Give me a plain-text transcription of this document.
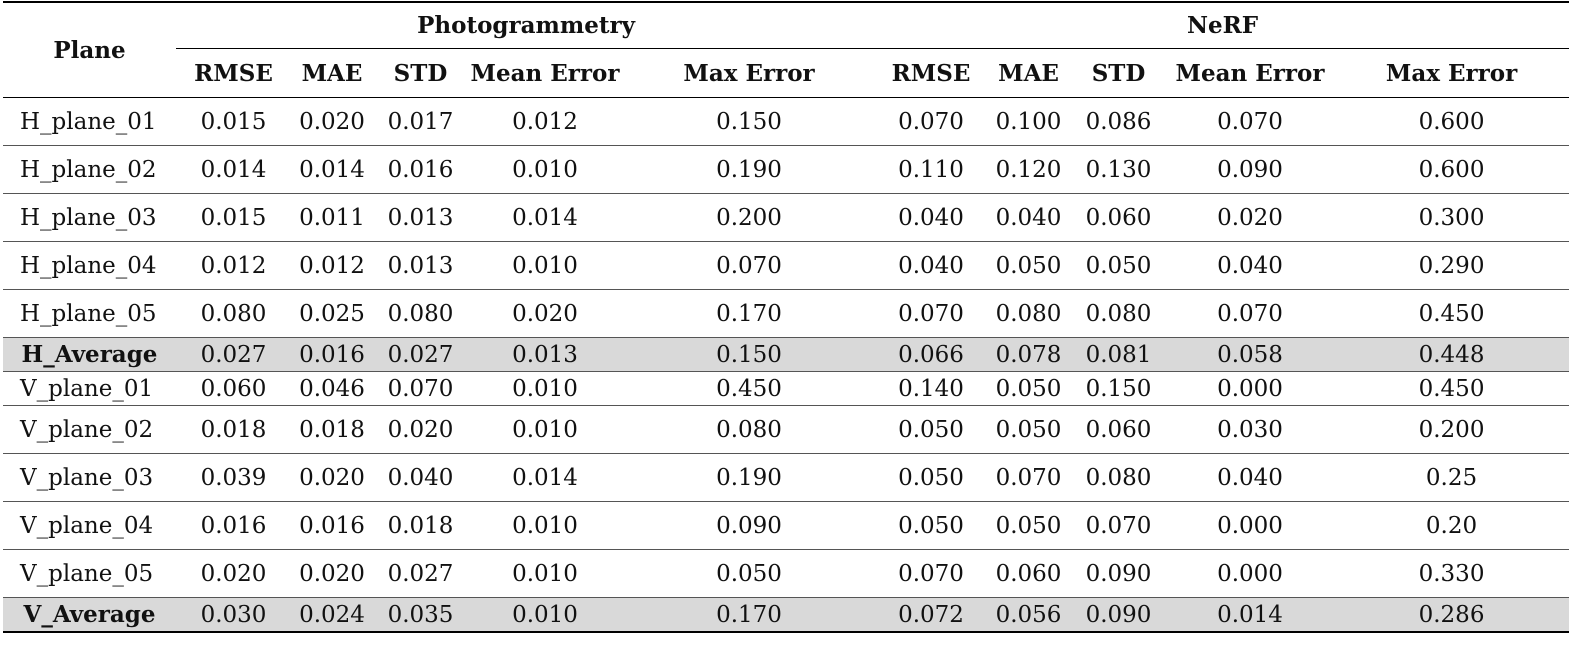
Plane	Photogrammetry					NeRF				
	RMSE	MAE	STD	Mean Error	Max Error	RMSE	MAE	STD	Mean Error	Max Error
H_plane_01	0.015	0.020	0.017	0.012	0.150	0.070	0.100	0.086	0.070	0.600
H_plane_02	0.014	0.014	0.016	0.010	0.190	0.110	0.120	0.130	0.090	0.600
H_plane_03	0.015	0.011	0.013	0.014	0.200	0.040	0.040	0.060	0.020	0.300
H_plane_04	0.012	0.012	0.013	0.010	0.070	0.040	0.050	0.050	0.040	0.290
H_plane_05	0.080	0.025	0.080	0.020	0.170	0.070	0.080	0.080	0.070	0.450
H_Average	0.027	0.016	0.027	0.013	0.150	0.066	0.078	0.081	0.058	0.448
V_plane_01	0.060	0.046	0.070	0.010	0.450	0.140	0.050	0.150	0.000	0.450
V_plane_02	0.018	0.018	0.020	0.010	0.080	0.050	0.050	0.060	0.030	0.200
V_plane_03	0.039	0.020	0.040	0.014	0.190	0.050	0.070	0.080	0.040	0.25
V_plane_04	0.016	0.016	0.018	0.010	0.090	0.050	0.050	0.070	0.000	0.20
V_plane_05	0.020	0.020	0.027	0.010	0.050	0.070	0.060	0.090	0.000	0.330
V_Average	0.030	0.024	0.035	0.010	0.170	0.072	0.056	0.090	0.014	0.286
